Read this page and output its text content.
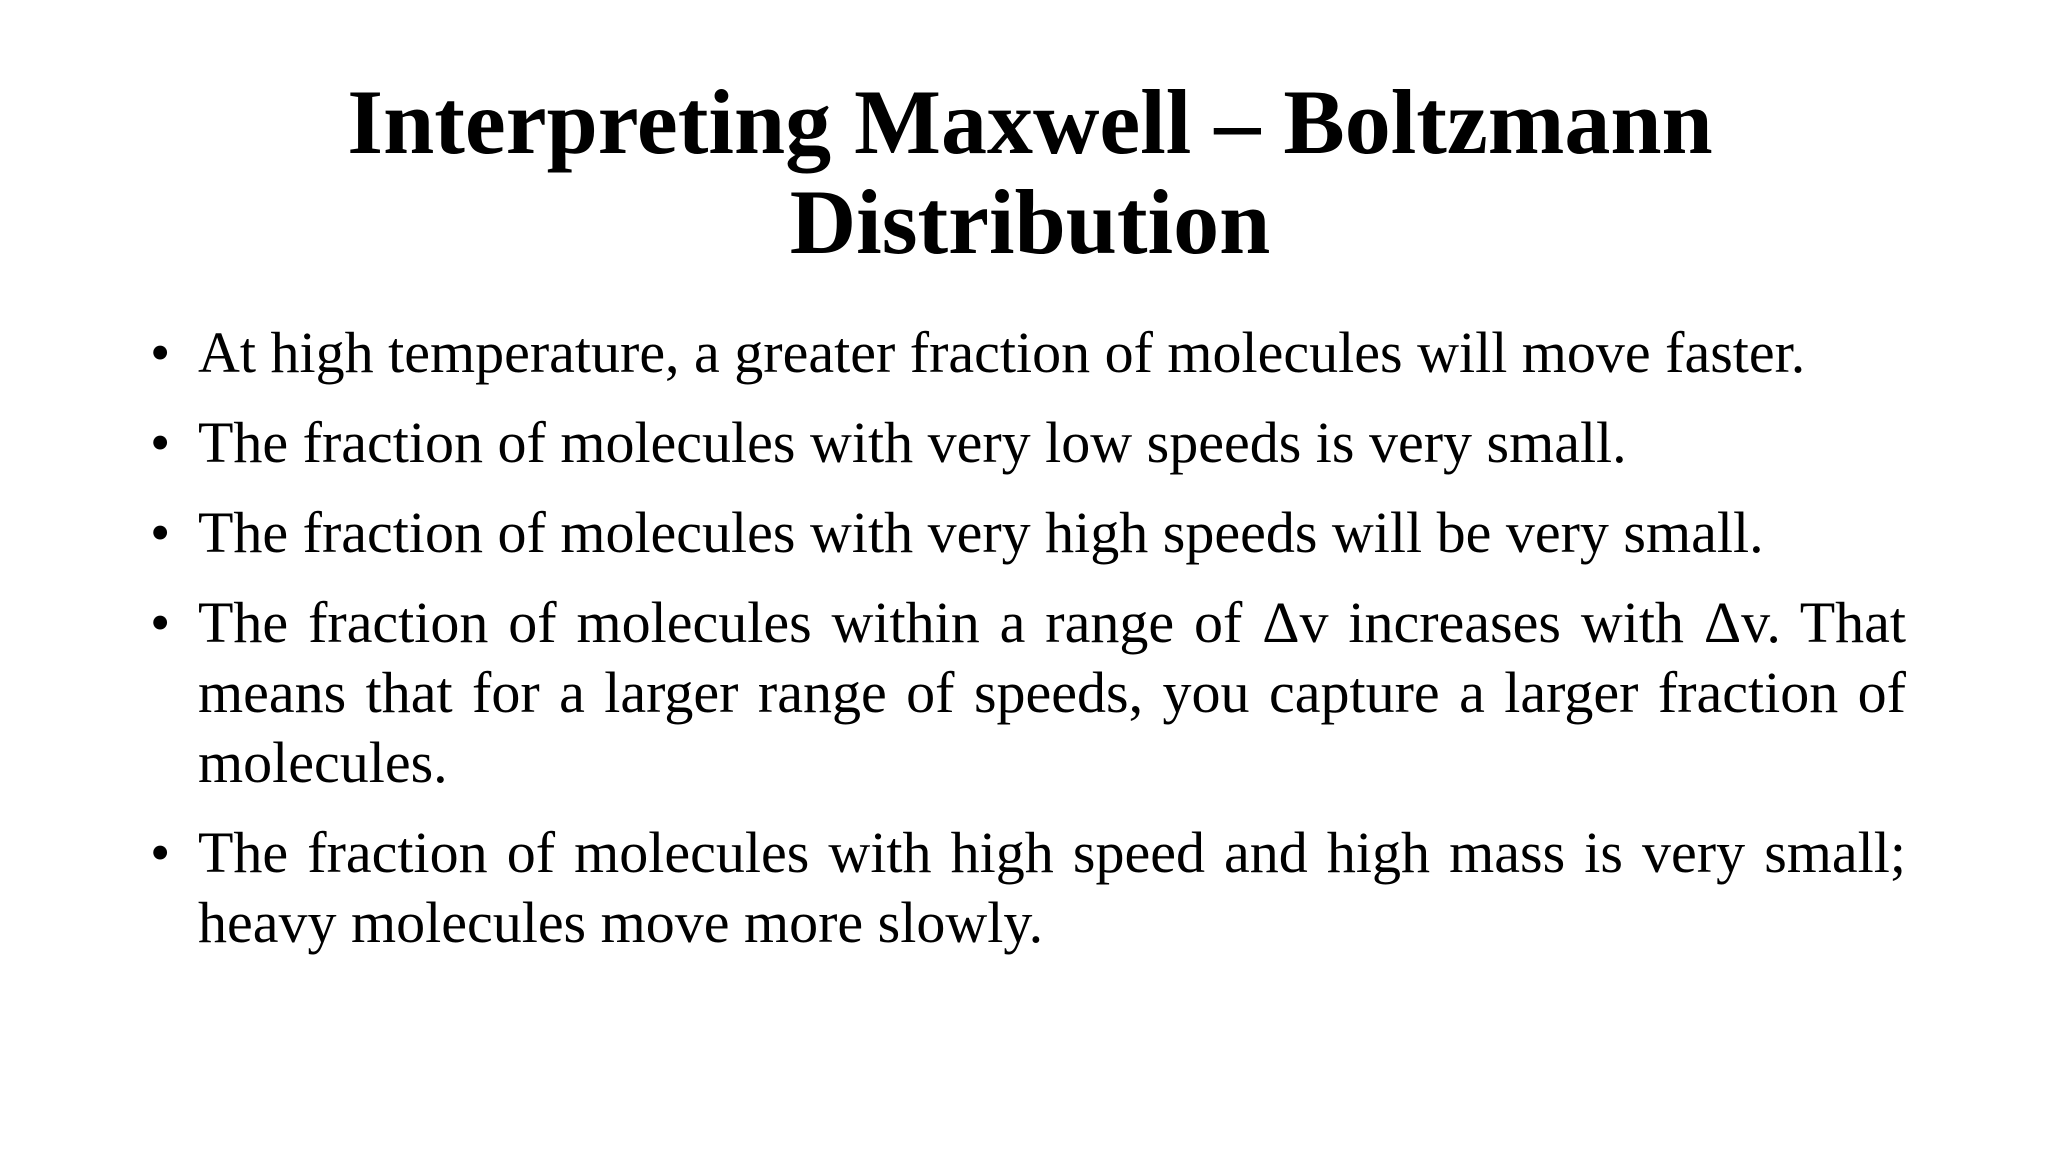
Interpreting Maxwell – Boltzmann
Distribution
• At high temperature, a greater fraction of molecules will move faster.
• The fraction of molecules with very low speeds is very small.
• The fraction of molecules with very high speeds will be very small.
• The fraction of molecules within a range of Δv increases with Δv. That means that for a larger range of speeds, you capture a larger fraction of molecules.
• The fraction of molecules with high speed and high mass is very small; heavy molecules move more slowly.
